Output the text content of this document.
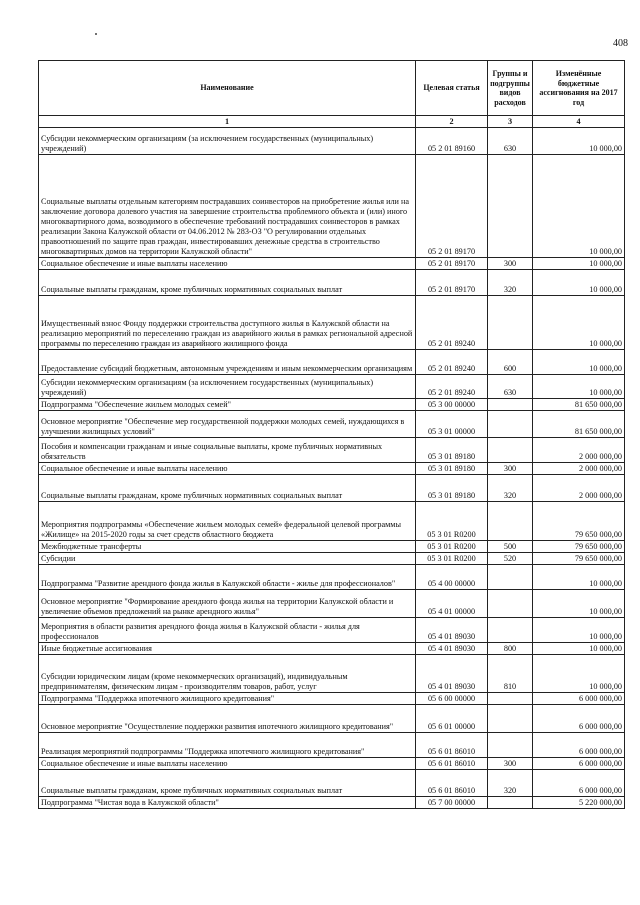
408
Наименование	Целевая статья	Группы и подгруппы видов расходов	Изменённые бюджетные ассигнования на 2017 год
1	2	3	4
Субсидии некоммерческим организациям (за исключением государственных (муниципальных) учреждений)	05 2 01 89160	630	10 000,00
Социальные выплаты отдельным категориям пострадавших соинвесторов на приобретение жилья или на заключение договора долевого участия на завершение строительства проблемного объекта и (или) иного многоквартирного дома, возводимого в обеспечение требований пострадавших соинвесторов в рамках реализации Закона Калужской области от 04.06.2012 № 283-ОЗ "О регулировании отдельных правоотношений по защите прав граждан, инвестировавших денежные средства в строительство многоквартирных домов на территории Калужской области"	05 2 01 89170		10 000,00
Социальное обеспечение и иные выплаты населению	05 2 01 89170	300	10 000,00
Социальные выплаты гражданам, кроме публичных нормативных социальных выплат	05 2 01 89170	320	10 000,00
Имущественный взнос Фонду поддержки строительства доступного жилья в Калужской области на реализацию мероприятий по переселению граждан из аварийного жилья в рамках региональной адресной программы по переселению граждан из аварийного жилищного фонда	05 2 01 89240		10 000,00
Предоставление субсидий бюджетным, автономным учреждениям и иным некоммерческим организациям	05 2 01 89240	600	10 000,00
Субсидии некоммерческим организациям (за исключением государственных (муниципальных) учреждений)	05 2 01 89240	630	10 000,00
Подпрограмма "Обеспечение жильем молодых семей"	05 3 00 00000		81 650 000,00
Основное мероприятие "Обеспечение мер государственной поддержки молодых семей, нуждающихся в улучшении жилищных условий"	05 3 01 00000		81 650 000,00
Пособия и компенсации гражданам и иные социальные выплаты, кроме публичных нормативных обязательств	05 3 01 89180		2 000 000,00
Социальное обеспечение и иные выплаты населению	05 3 01 89180	300	2 000 000,00
Социальные выплаты гражданам, кроме публичных нормативных социальных выплат	05 3 01 89180	320	2 000 000,00
Мероприятия подпрограммы «Обеспечение жильем молодых семей» федеральной целевой программы «Жилище» на 2015-2020 годы за счет средств областного бюджета	05 3 01 R0200		79 650 000,00
Межбюджетные трансферты	05 3 01 R0200	500	79 650 000,00
Субсидии	05 3 01 R0200	520	79 650 000,00
Подпрограмма "Развитие арендного фонда жилья в Калужской области - жилье для профессионалов"	05 4 00 00000		10 000,00
Основное мероприятие "Формирование арендного фонда жилья на территории Калужской области и увеличение объемов предложений на рынке арендного жилья"	05 4 01 00000		10 000,00
Мероприятия в области развития арендного фонда жилья в Калужской области - жилья для профессионалов	05 4 01 89030		10 000,00
Иные бюджетные ассигнования	05 4 01 89030	800	10 000,00
Субсидии юридическим лицам (кроме некоммерческих организаций), индивидуальным предпринимателям, физическим лицам - производителям товаров, работ, услуг	05 4 01 89030	810	10 000,00
Подпрограмма "Поддержка ипотечного жилищного кредитования"	05 6 00 00000		6 000 000,00
Основное мероприятие "Осуществление поддержки развития ипотечного жилищного кредитования"	05 6 01 00000		6 000 000,00
Реализация мероприятий подпрограммы "Поддержка ипотечного жилищного кредитования"	05 6 01 86010		6 000 000,00
Социальное обеспечение и иные выплаты населению	05 6 01 86010	300	6 000 000,00
Социальные выплаты гражданам, кроме публичных нормативных социальных выплат	05 6 01 86010	320	6 000 000,00
Подпрограмма "Чистая вода в Калужской области"	05 7 00 00000		5 220 000,00
